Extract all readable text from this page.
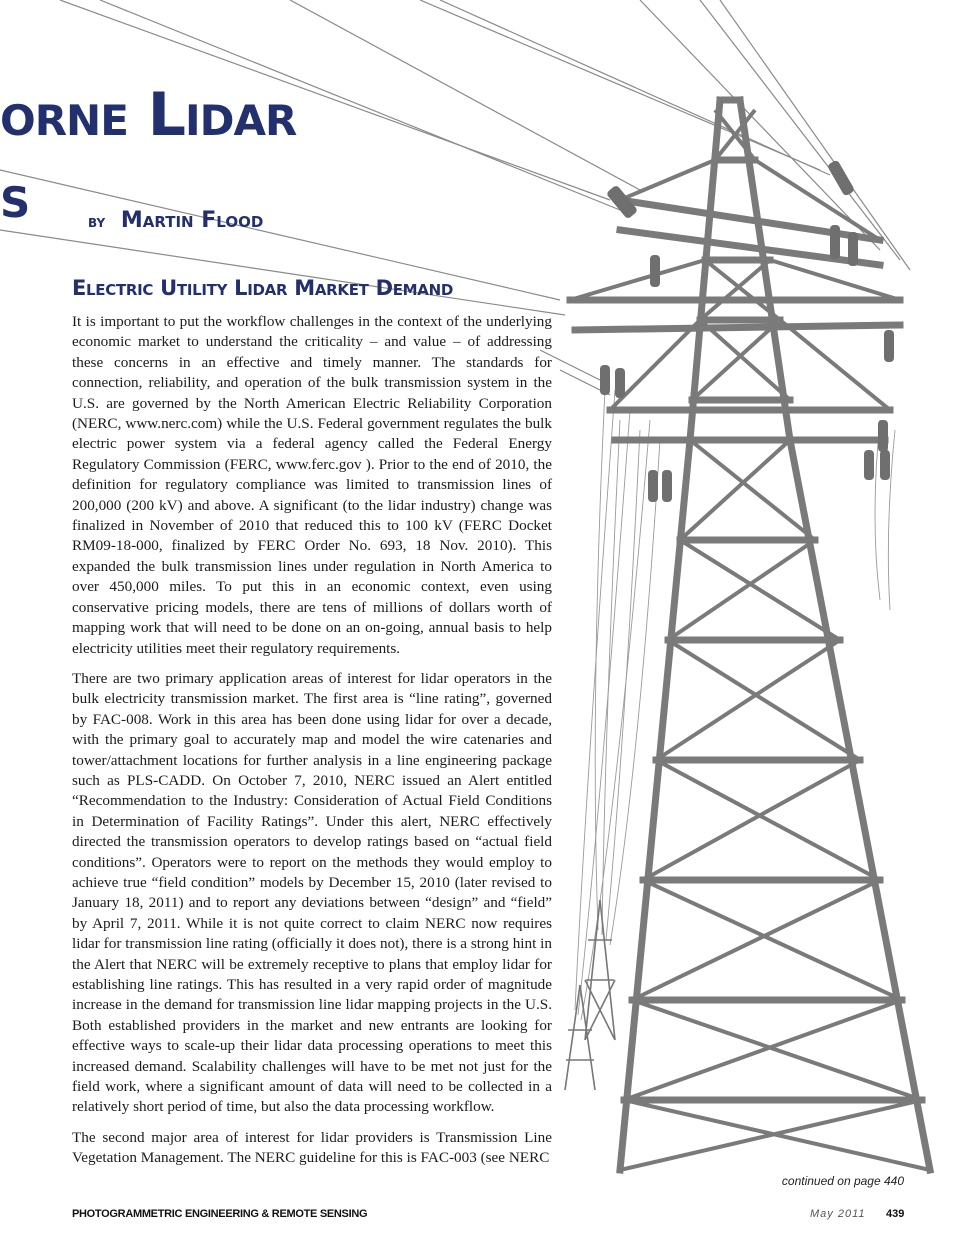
orne Lidar
s	by Martin Flood
Electric Utility Lidar Market Demand

It is important to put the workflow challenges in the context of the underlying economic market to understand the criticality – and value – of addressing these concerns in an effective and timely manner. The standards for connection, reliability, and operation of the bulk transmission system in the U.S. are governed by the North American Electric Reliability Corporation (NERC, www.nerc.com) while the U.S. Federal government regulates the bulk electric power system via a federal agency called the Federal Energy Regulatory Commission (FERC, www.ferc.gov ). Prior to the end of 2010, the definition for regulatory compliance was limited to transmission lines of 200,000 (200 kV) and above. A significant (to the lidar industry) change was finalized in November of 2010 that reduced this to 100 kV (FERC Docket RM09-18-000, finalized by FERC Order No. 693, 18 Nov. 2010). This expanded the bulk transmission lines under regulation in North America to over 450,000 miles. To put this in an economic context, even using conservative pricing models, there are tens of millions of dollars worth of mapping work that will need to be done on an on-going, annual basis to help electricity utilities meet their regulatory requirements.

There are two primary application areas of interest for lidar operators in the bulk electricity transmission market. The first area is “line rating”, governed by FAC-008. Work in this area has been done using lidar for over a decade, with the primary goal to accurately map and model the wire catenaries and tower/attachment locations for further analysis in a line engineering package such as PLS-CADD. On October 7, 2010, NERC issued an Alert entitled “Recommendation to the Industry: Consideration of Actual Field Conditions in Determination of Facility Ratings”. Under this alert, NERC effectively directed the transmission operators to develop ratings based on “actual field conditions”. Operators were to report on the methods they would employ to achieve true “field condition” models by December 15, 2010 (later revised to January 18, 2011) and to report any deviations between “design” and “field” by April 7, 2011. While it is not quite correct to claim NERC now requires lidar for transmission line rating (officially it does not), there is a strong hint in the Alert that NERC will be extremely receptive to plans that employ lidar for establishing line ratings. This has resulted in a very rapid order of magnitude increase in the demand for transmission line lidar mapping projects in the U.S. Both established providers in the market and new entrants are looking for effective ways to scale-up their lidar data processing operations to meet this increased demand. Scalability challenges will have to be met not just for the field work, where a significant amount of data will need to be collected in a relatively short period of time, but also the data processing workflow.

The second major area of interest for lidar providers is Transmission Line Vegetation Management. The NERC guideline for this is FAC-003 (see NERC

continued on page 440
PHOTOGRAMMETRIC ENGINEERING & REMOTE SENSING	May 2011 439
